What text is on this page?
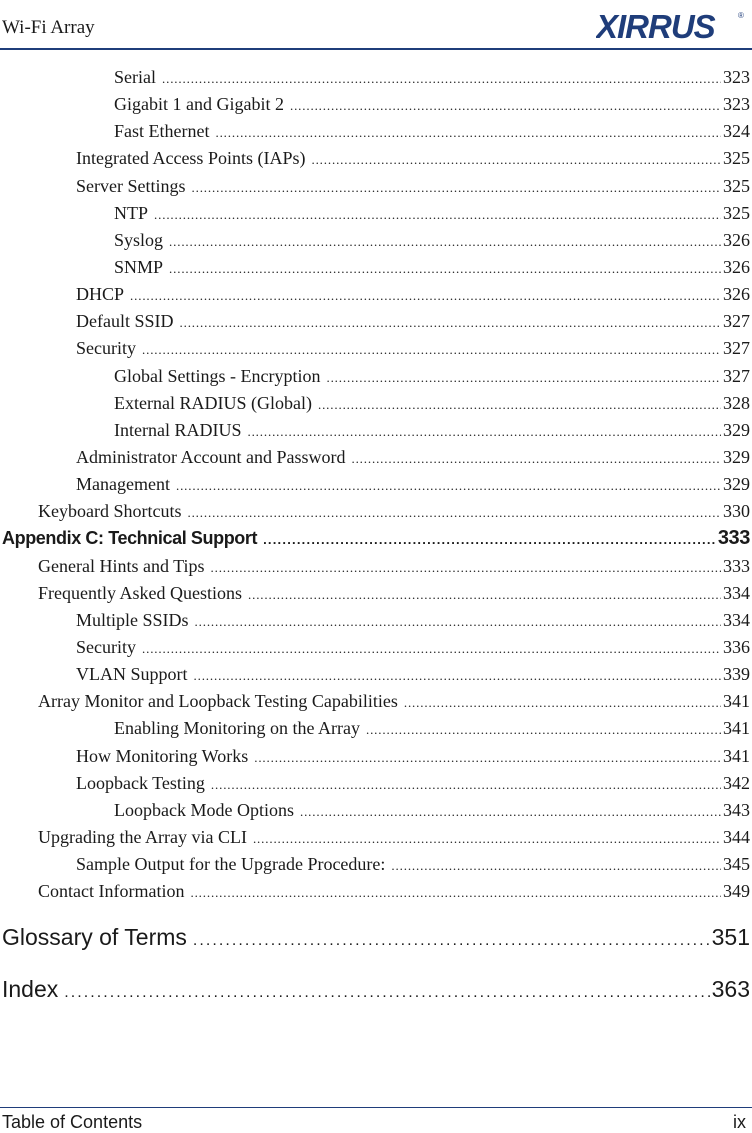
Wi-Fi Array	XIRRUS	®
Serial . . .	323
Gigabit 1 and Gigabit 2 . . .	323
Fast Ethernet . . .	324
Integrated Access Points (IAPs) . . .	325
Server Settings . . .	325
NTP . . .	325
Syslog . . .	326
SNMP . . .	326
DHCP . . .	326
Default SSID . . .	327
Security . . .	327
Global Settings - Encryption . . .	327
External RADIUS (Global) . . .	328
Internal RADIUS . . .	329
Administrator Account and Password . . .	329
Management . . .	329
Keyboard Shortcuts . . .	330
Appendix C: Technical Support . . .	333
General Hints and Tips . . .	333
Frequently Asked Questions . . .	334
Multiple SSIDs . . .	334
Security . . .	336
VLAN Support . . .	339
Array Monitor and Loopback Testing Capabilities . . .	341
Enabling Monitoring on the Array . . .	341
How Monitoring Works . . .	341
Loopback Testing . . .	342
Loopback Mode Options . . .	343
Upgrading the Array via CLI . . .	344
Sample Output for the Upgrade Procedure: . . .	345
Contact Information . . .	349
Glossary of Terms . . .	351
Index . . .	363
Table of Contents	ix
